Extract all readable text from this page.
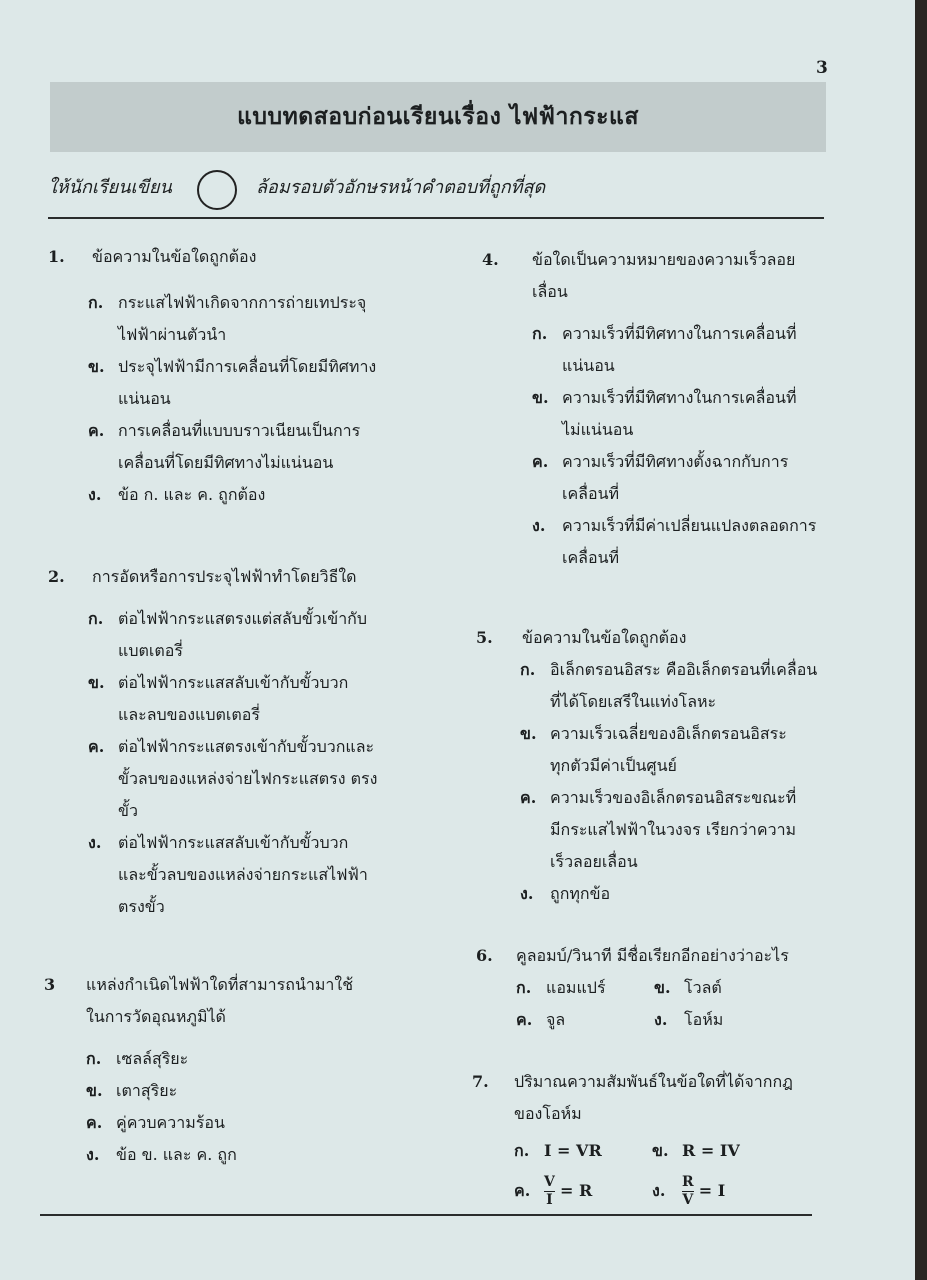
3
แบบทดสอบก่อนเรียนเรื่อง ไฟฟ้ากระแส
ให้นักเรียนเขียน	ล้อมรอบตัวอักษรหน้าคำตอบที่ถูกที่สุด
1. ข้อความในข้อใดถูกต้อง
ก. กระแสไฟฟ้าเกิดจากการถ่ายเทประจุ
ไฟฟ้าผ่านตัวนำ
ข. ประจุไฟฟ้ามีการเคลื่อนที่โดยมีทิศทาง
แน่นอน
ค. การเคลื่อนที่แบบบราวเนียนเป็นการ
เคลื่อนที่โดยมีทิศทางไม่แน่นอน
ง. ข้อ ก. และ ค. ถูกต้อง
2. การอัดหรือการประจุไฟฟ้าทำโดยวิธีใด
ก. ต่อไฟฟ้ากระแสตรงแต่สลับขั้วเข้ากับ
แบตเตอรี่
ข. ต่อไฟฟ้ากระแสสลับเข้ากับขั้วบวก
และลบของแบตเตอรี่
ค. ต่อไฟฟ้ากระแสตรงเข้ากับขั้วบวกและ
ขั้วลบของแหล่งจ่ายไฟกระแสตรง ตรง
ขั้ว
ง. ต่อไฟฟ้ากระแสสลับเข้ากับขั้วบวก
และขั้วลบของแหล่งจ่ายกระแสไฟฟ้า
ตรงขั้ว
3 แหล่งกำเนิดไฟฟ้าใดที่สามารถนำมาใช้
ในการวัดอุณหภูมิได้
ก. เซลล์สุริยะ
ข. เตาสุริยะ
ค. คู่ควบความร้อน
ง. ข้อ ข. และ ค. ถูก
4. ข้อใดเป็นความหมายของความเร็วลอยเลื่อน
ก. ความเร็วที่มีทิศทางในการเคลื่อนที่
แน่นอน
ข. ความเร็วที่มีทิศทางในการเคลื่อนที่
ไม่แน่นอน
ค. ความเร็วที่มีทิศทางตั้งฉากกับการ
เคลื่อนที่
ง. ความเร็วที่มีค่าเปลี่ยนแปลงตลอดการ
เคลื่อนที่
5. ข้อความในข้อใดถูกต้อง
ก. อิเล็กตรอนอิสระ คืออิเล็กตรอนที่เคลื่อน
ที่ได้โดยเสรีในแท่งโลหะ
ข. ความเร็วเฉลี่ยของอิเล็กตรอนอิสระ
ทุกตัวมีค่าเป็นศูนย์
ค. ความเร็วของอิเล็กตรอนอิสระขณะที่
มีกระแสไฟฟ้าในวงจร เรียกว่าความ
เร็วลอยเลื่อน
ง. ถูกทุกข้อ
6. คูลอมบ์/วินาที มีชื่อเรียกอีกอย่างว่าอะไร
ก. แอมแปร์	ข. โวลต์
ค. จูล	ง. โอห์ม
7. ปริมาณความสัมพันธ์ในข้อใดที่ได้จากกฎ
ของโอห์ม
ก. I = VR	ข. R = IV
ค. $\frac{V}{I} = R$	ง. $\frac{R}{V} = I$
